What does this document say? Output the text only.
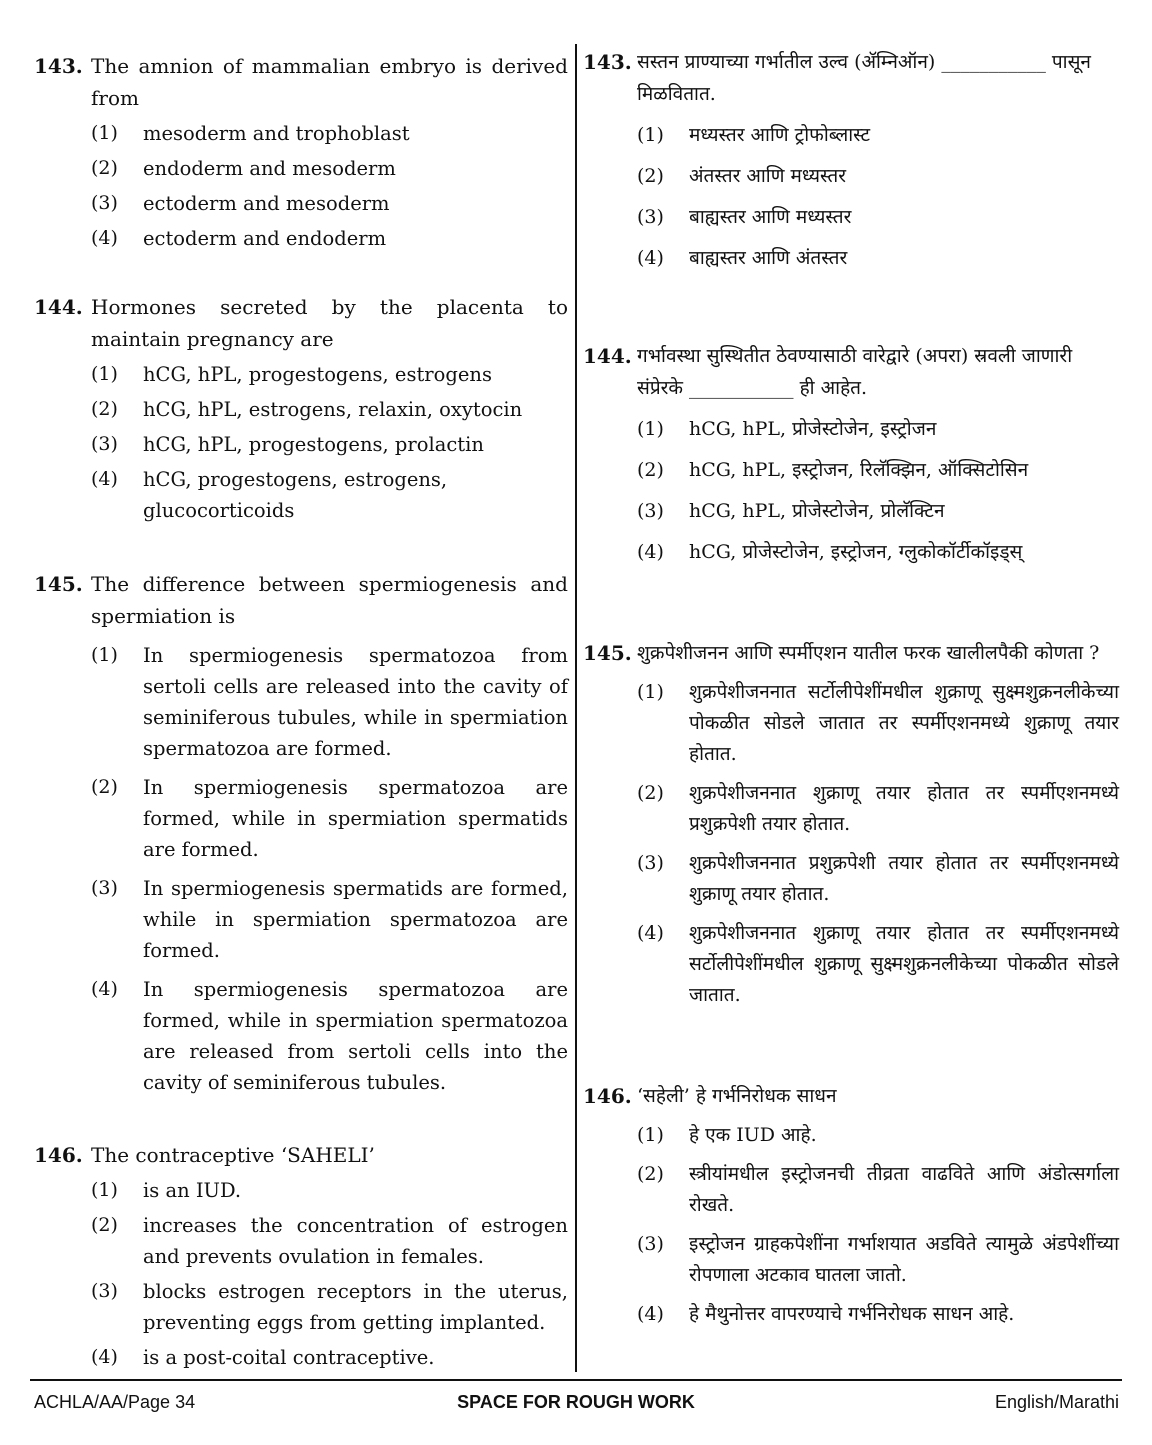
143. The amnion of mammalian embryo is derived from
(1)	mesoderm and trophoblast
(2)	endoderm and mesoderm
(3)	ectoderm and mesoderm
(4)	ectoderm and endoderm
144. Hormones secreted by the placenta to maintain pregnancy are
(1)	hCG, hPL, progestogens, estrogens
(2)	hCG, hPL, estrogens, relaxin, oxytocin
(3)	hCG, hPL, progestogens, prolactin
(4)	hCG, progestogens, estrogens, glucocorticoids
145. The difference between spermiogenesis and spermiation is
(1)	In spermiogenesis spermatozoa from sertoli cells are released into the cavity of seminiferous tubules, while in spermiation spermatozoa are formed.
(2)	In spermiogenesis spermatozoa are formed, while in spermiation spermatids are formed.
(3)	In spermiogenesis spermatids are formed, while in spermiation spermatozoa are formed.
(4)	In spermiogenesis spermatozoa are formed, while in spermiation spermatozoa are released from sertoli cells into the cavity of seminiferous tubules.
146. The contraceptive ‘SAHELI’
(1)	is an IUD.
(2)	increases the concentration of estrogen and prevents ovulation in females.
(3)	blocks estrogen receptors in the uterus, preventing eggs from getting implanted.
(4)	is a post-coital contraceptive.
143. सस्तन प्राण्याच्या गर्भातील उल्व (ॲम्निऑन) ___________ पासून मिळवितात.
(1)	मध्यस्तर आणि ट्रोफोब्लास्ट
(2)	अंतस्तर आणि मध्यस्तर
(3)	बाह्यस्तर आणि मध्यस्तर
(4)	बाह्यस्तर आणि अंतस्तर
144. गर्भावस्था सुस्थितीत ठेवण्यासाठी वारेद्वारे (अपरा) स्रवली जाणारी संप्रेरके ___________ ही आहेत.
(1)	hCG, hPL, प्रोजेस्टोजेन, इस्ट्रोजन
(2)	hCG, hPL, इस्ट्रोजन, रिलॅक्झिन, ऑक्सिटोसिन
(3)	hCG, hPL, प्रोजेस्टोजेन, प्रोलॅक्टिन
(4)	hCG, प्रोजेस्टोजेन, इस्ट्रोजन, ग्लुकोकॉर्टीकॉइड्स्
145. शुक्रपेशीजनन आणि स्पर्मीएशन यातील फरक खालीलपैकी कोणता ?
(1)	शुक्रपेशीजननात सर्टोलीपेशींमधील शुक्राणू सुक्ष्मशुक्रनलीकेच्या पोकळीत सोडले जातात तर स्पर्मीएशनमध्ये शुक्राणू तयार होतात.
(2)	शुक्रपेशीजननात शुक्राणू तयार होतात तर स्पर्मीएशनमध्ये प्रशुक्रपेशी तयार होतात.
(3)	शुक्रपेशीजननात प्रशुक्रपेशी तयार होतात तर स्पर्मीएशनमध्ये शुक्राणू तयार होतात.
(4)	शुक्रपेशीजननात शुक्राणू तयार होतात तर स्पर्मीएशनमध्ये सर्टोलीपेशींमधील शुक्राणू सुक्ष्मशुक्रनलीकेच्या पोकळीत सोडले जातात.
146. ‘सहेली’ हे गर्भनिरोधक साधन
(1)	हे एक IUD आहे.
(2)	स्त्रीयांमधील इस्ट्रोजनची तीव्रता वाढविते आणि अंडोत्सर्गाला रोखते.
(3)	इस्ट्रोजन ग्राहकपेशींना गर्भाशयात अडविते त्यामुळे अंडपेशींच्या रोपणाला अटकाव घातला जातो.
(4)	हे मैथुनोत्तर वापरण्याचे गर्भनिरोधक साधन आहे.
ACHLA/AA/Page 34	SPACE FOR ROUGH WORK	English/Marathi
